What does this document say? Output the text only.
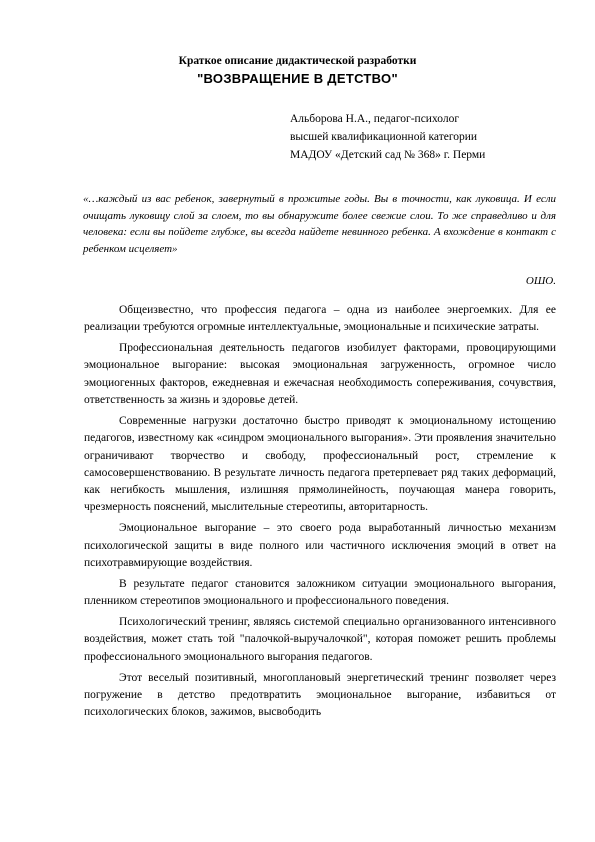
Краткое описание дидактической разработки
"ВОЗВРАЩЕНИЕ В ДЕТСТВО"
Альборова Н.А., педагог-психолог
высшей квалификационной категории
МАДОУ «Детский сад № 368» г. Перми
«…каждый из вас ребенок, завернутый в прожитые годы. Вы в точности, как луковица. И если очищать луковицу слой за слоем, то вы обнаружите более свежие слои. То же справедливо и для человека: если вы пойдете глубже, вы всегда найдете невинного ребенка. А вхождение в контакт с ребенком исцеляет»
ОШО.

Общеизвестно, что профессия педагога – одна из наиболее энергоемких. Для ее реализации требуются огромные интеллектуальные, эмоциональные и психические затраты.

Профессиональная деятельность педагогов изобилует факторами, провоцирующими эмоциональное выгорание: высокая эмоциональная загруженность, огромное число эмоциогенных факторов, ежедневная и ежечасная необходимость сопереживания, сочувствия, ответственность за жизнь и здоровье детей.

Современные нагрузки достаточно быстро приводят к эмоциональному истощению педагогов, известному как «синдром эмоционального выгорания». Эти проявления значительно ограничивают творчество и свободу, профессиональный рост, стремление к самосовершенствованию. В результате личность педагога претерпевает ряд таких деформаций, как негибкость мышления, излишняя прямолинейность, поучающая манера говорить, чрезмерность пояснений, мыслительные стереотипы, авторитарность.

Эмоциональное выгорание – это своего рода выработанный личностью механизм психологической защиты в виде полного или частичного исключения эмоций в ответ на психотравмирующие воздействия.

В результате педагог становится заложником ситуации эмоционального выгорания, пленником стереотипов эмоционального и профессионального поведения.

Психологический тренинг, являясь системой специально организованного интенсивного воздействия, может стать той "палочкой-выручалочкой", которая поможет решить проблемы профессионального эмоционального выгорания педагогов.

Этот веселый позитивный, многоплановый энергетический тренинг позволяет через погружение в детство предотвратить эмоциональное выгорание, избавиться от психологических блоков, зажимов, высвободить
